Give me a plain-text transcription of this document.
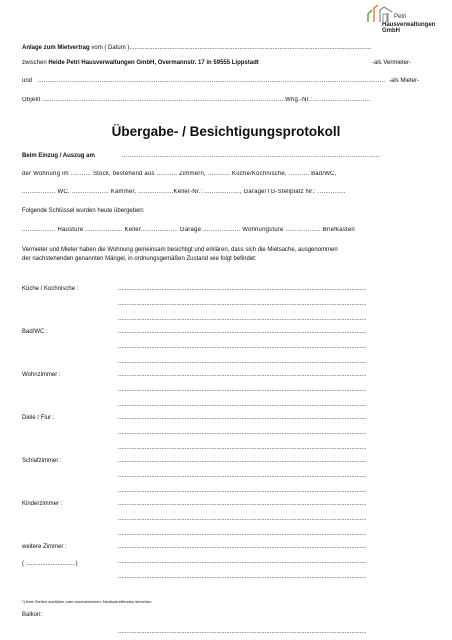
Petri
Hausverwaltungen GmbH
Anlage zum Mietvertrag vom ( Datum ).................................................................................................................................................
zwischen Heide Petri Hausverwaltungen GmbH, Overmannstr. 17 in 59555 Lippstadt	-als Vermieter-
und .......................................................................................................................................................................................... -als Mieter-
Objekt ..................................................................................................................................Whg.-Nr.:...............................
Übergabe- / Besichtigungsprotokoll
Beim Einzug / Auszug am	..........................................................................................................................................
der Wohnung im ........... Stock, bestehend aus ........... Zimmern, ............ Küche/Kochnische, ........... Bad/WC,
.................. WC, .................... Kammer, ...................Keller-Nr.: ..................., Garage/TG-Stellplatz Nr.: ...............
Folgende Schlüssel wurden heute übergeben:
.................. Haustüre .................... Keller.................... Garage .................... Wohnungstüre ................... Briefkasten
Vermieter und Mieter haben die Wohnung gemeinsam besichtigt und erklären, dass sich die Mietsache, ausgenommen
der nachstehenden genannten Mängel, in ordnungsgemäßen Zustand wie folgt befindet:
Küche / Kochnische :	.....................................................................................................................................................
.....................................................................................................................................................
.....................................................................................................................................................
Bad/WC :	.....................................................................................................................................................
.....................................................................................................................................................
.....................................................................................................................................................
Wohnzimmer :	.....................................................................................................................................................
.....................................................................................................................................................
.....................................................................................................................................................
Diele / Flur :	.....................................................................................................................................................
.....................................................................................................................................................
.....................................................................................................................................................
Schlafzimmer :	.....................................................................................................................................................
.....................................................................................................................................................
.....................................................................................................................................................
Kinderzimmer :	.....................................................................................................................................................
.....................................................................................................................................................
.....................................................................................................................................................
weitere Zimmer :
( ..............................)
.....................................................................................................................................................
.....................................................................................................................................................
.....................................................................................................................................................
*) freie Stellen ausfüllen oder durchstreichen; Nichtzutreffendes streichen
Balkon:
.....................................................................................................................................................
